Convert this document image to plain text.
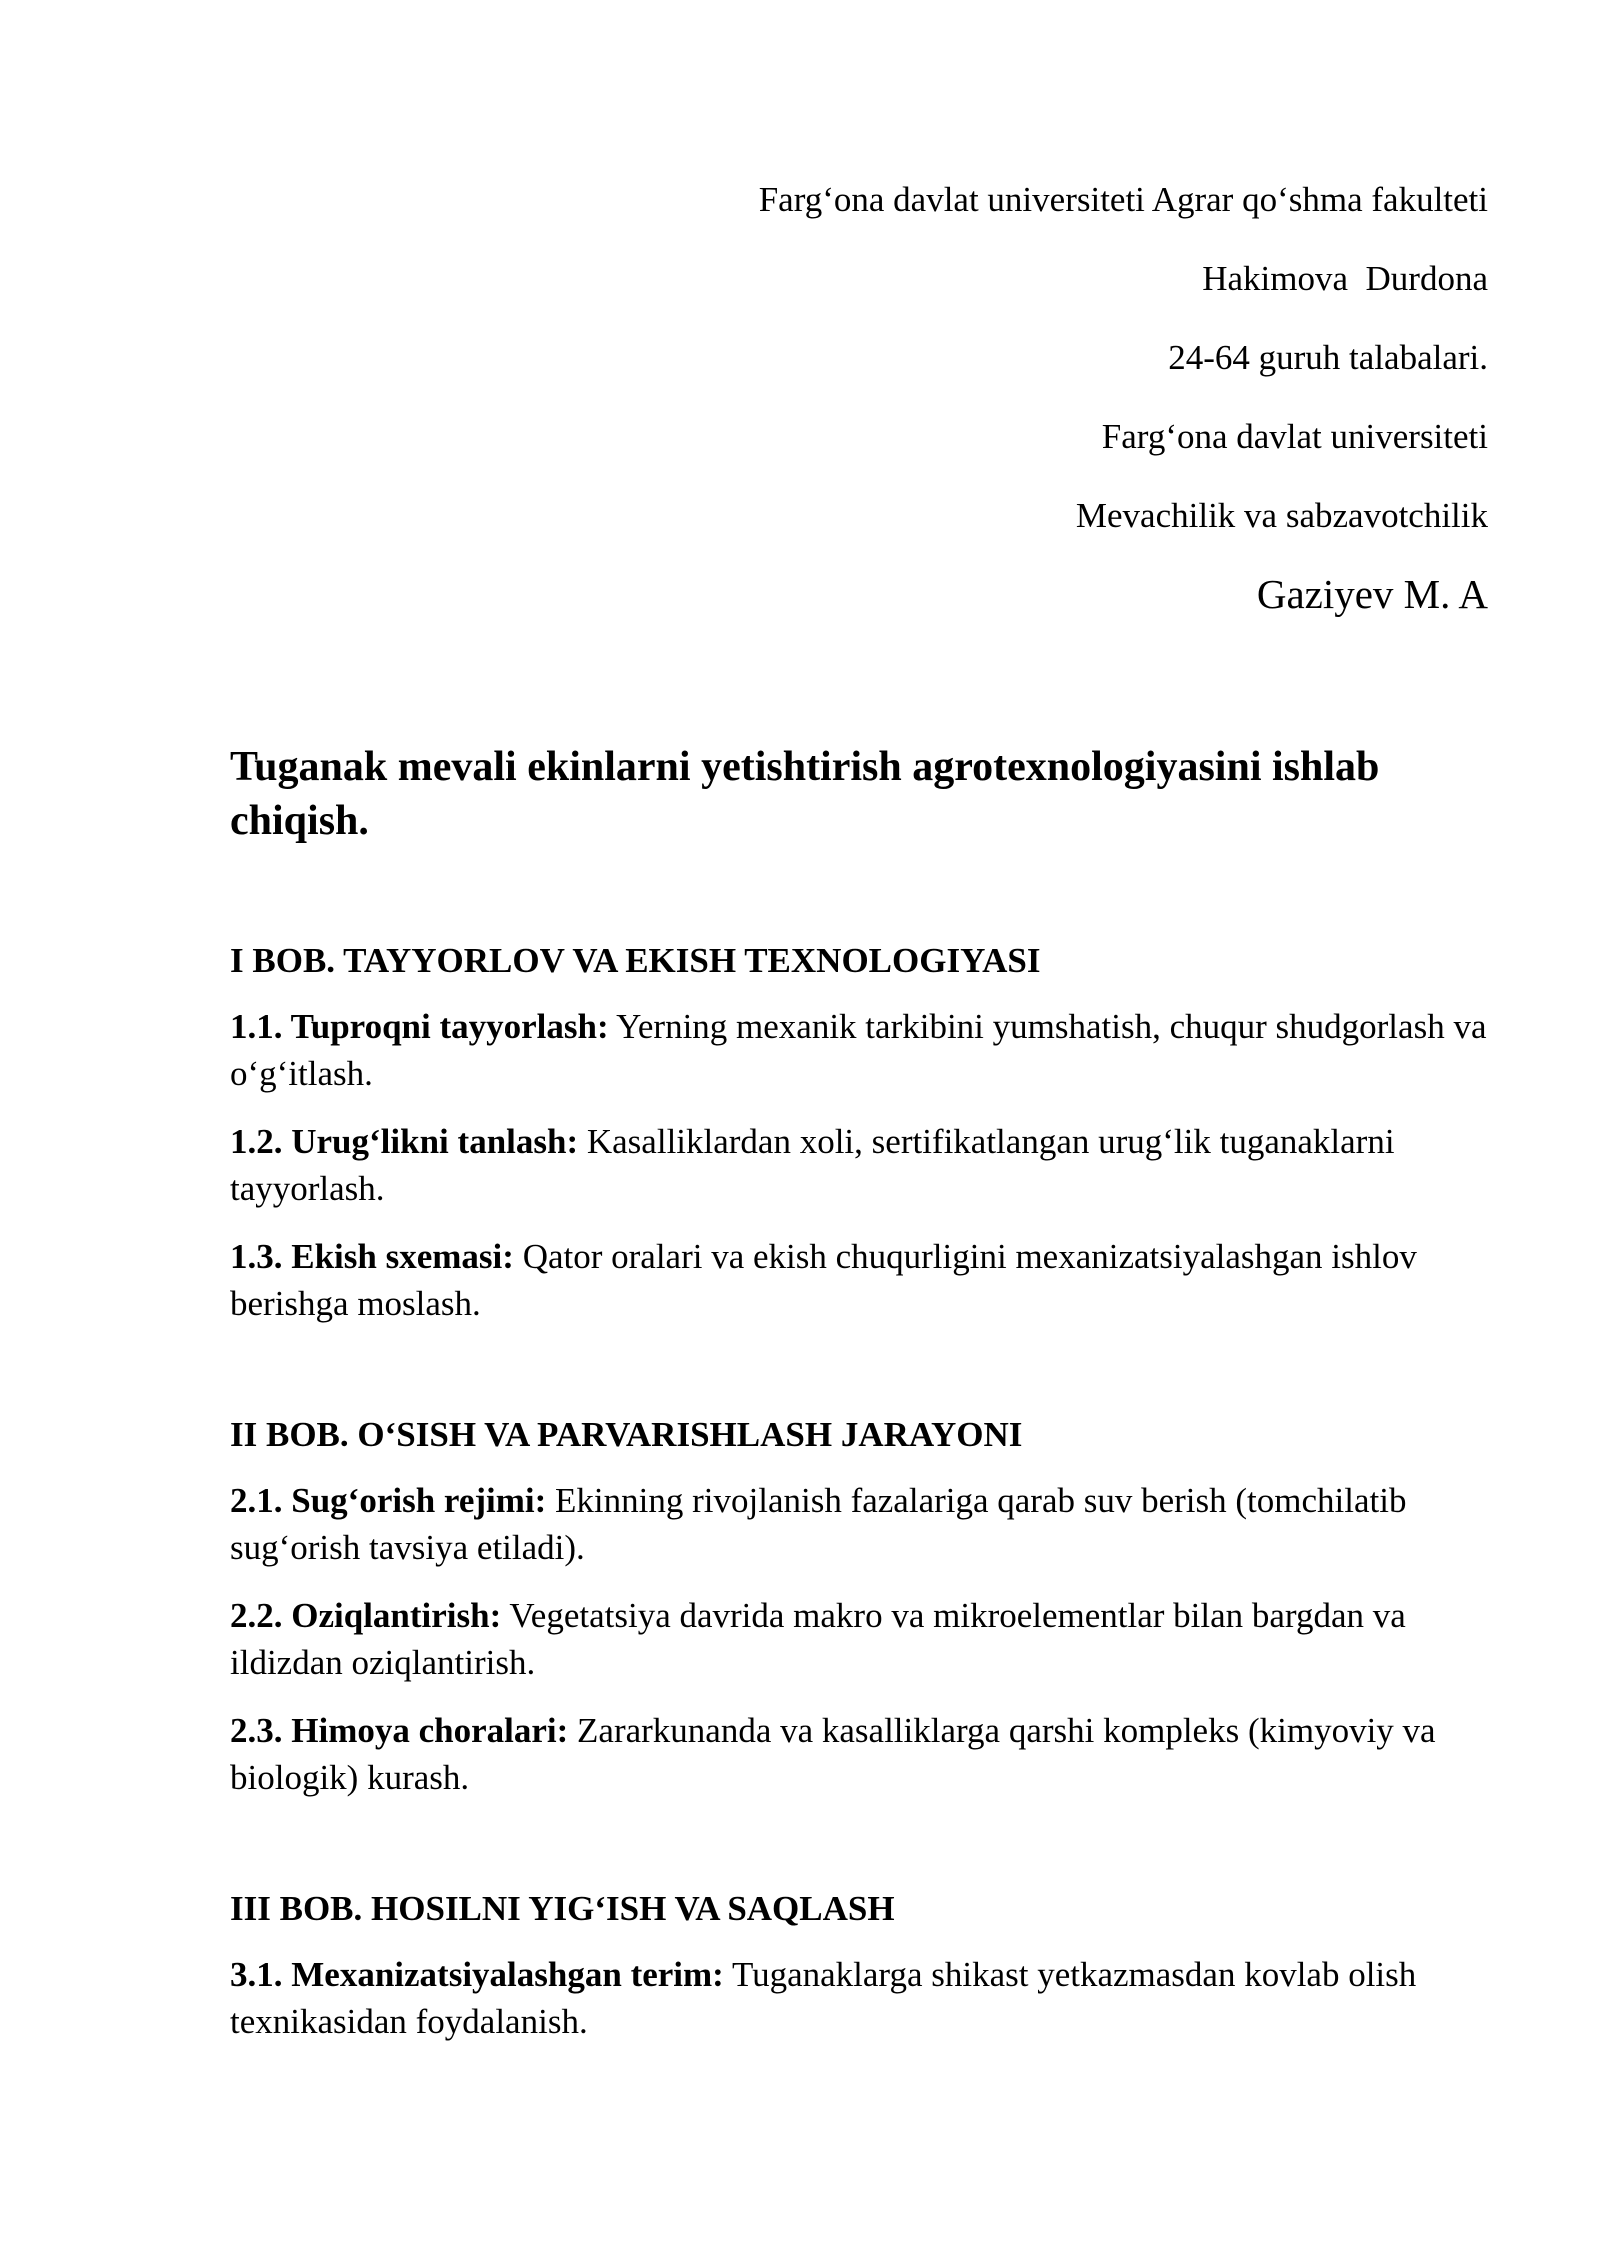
Farg‘ona davlat universiteti Agrar qo‘shma fakulteti

Hakimova  Durdona

24-64 guruh talabalari.

Farg‘ona davlat universiteti

Mevachilik va sabzavotchilik

Gaziyev M. A

Tuganak mevali ekinlarni yetishtirish agrotexnologiyasini ishlab chiqish.
I BOB. TAYYORLOV VA EKISH TEXNOLOGIYASI

1.1. Tuproqni tayyorlash: Yerning mexanik tarkibini yumshatish, chuqur shudgorlash va o‘g‘itlash.

1.2. Urug‘likni tanlash: Kasalliklardan xoli, sertifikatlangan urug‘lik tuganaklarni tayyorlash.

1.3. Ekish sxemasi: Qator oralari va ekish chuqurligini mexanizatsiyalashgan ishlov berishga moslash.

II BOB. O‘SISH VA PARVARISHLASH JARAYONI

2.1. Sug‘orish rejimi: Ekinning rivojlanish fazalariga qarab suv berish (tomchilatib sug‘orish tavsiya etiladi).

2.2. Oziqlantirish: Vegetatsiya davrida makro va mikroelementlar bilan bargdan va ildizdan oziqlantirish.

2.3. Himoya choralari: Zararkunanda va kasalliklarga qarshi kompleks (kimyoviy va biologik) kurash.

III BOB. HOSILNI YIG‘ISH VA SAQLASH

3.1. Mexanizatsiyalashgan terim: Tuganaklarga shikast yetkazmasdan kovlab olish texnikasidan foydalanish.
